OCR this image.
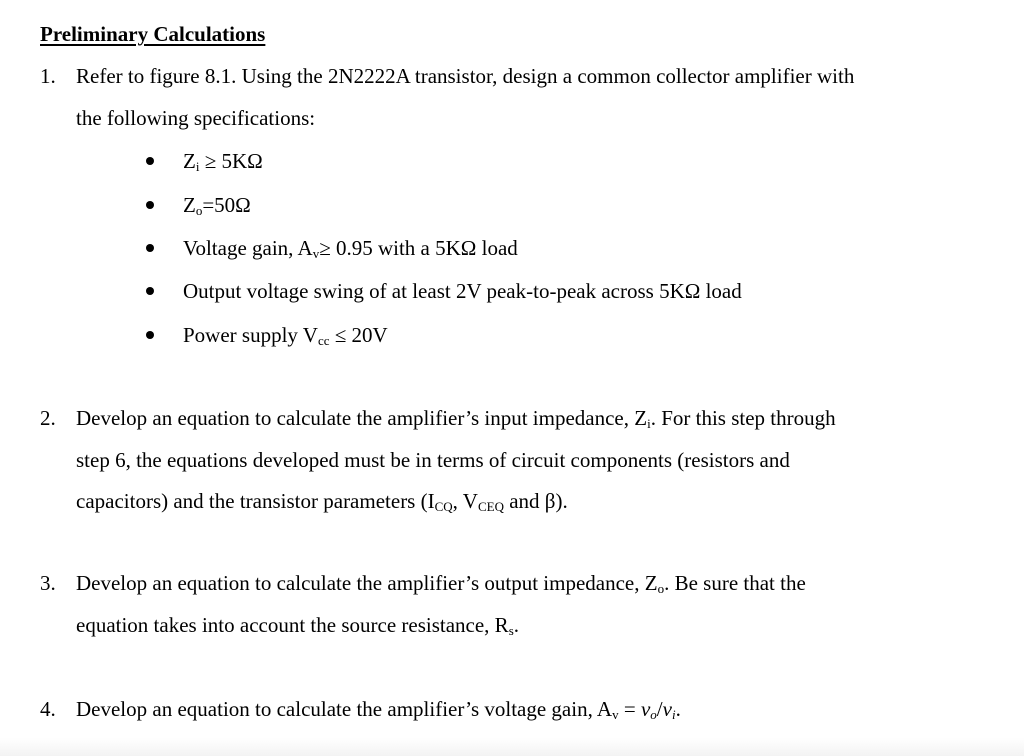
Preliminary Calculations
1. Refer to figure 8.1. Using the 2N2222A transistor, design a common collector amplifier with
the following specifications:
$Z_i \ge 5K\Omega$
$Z_o=50\Omega$
Voltage gain, $A_v\ge 0.95$ with a 5KΩ load
Output voltage swing of at least 2V peak-to-peak across 5KΩ load
Power supply $V_{cc} \le 20V$
2. Develop an equation to calculate the amplifier’s input impedance, $Z_i$. For this step through
step 6, the equations developed must be in terms of circuit components (resistors and
capacitors) and the transistor parameters ($I_{CQ}$, $V_{CEQ}$ and β).
3. Develop an equation to calculate the amplifier’s output impedance, $Z_o$. Be sure that the
equation takes into account the source resistance, $R_s$.
4. Develop an equation to calculate the amplifier’s voltage gain, $A_v = v_o/v_i$.
